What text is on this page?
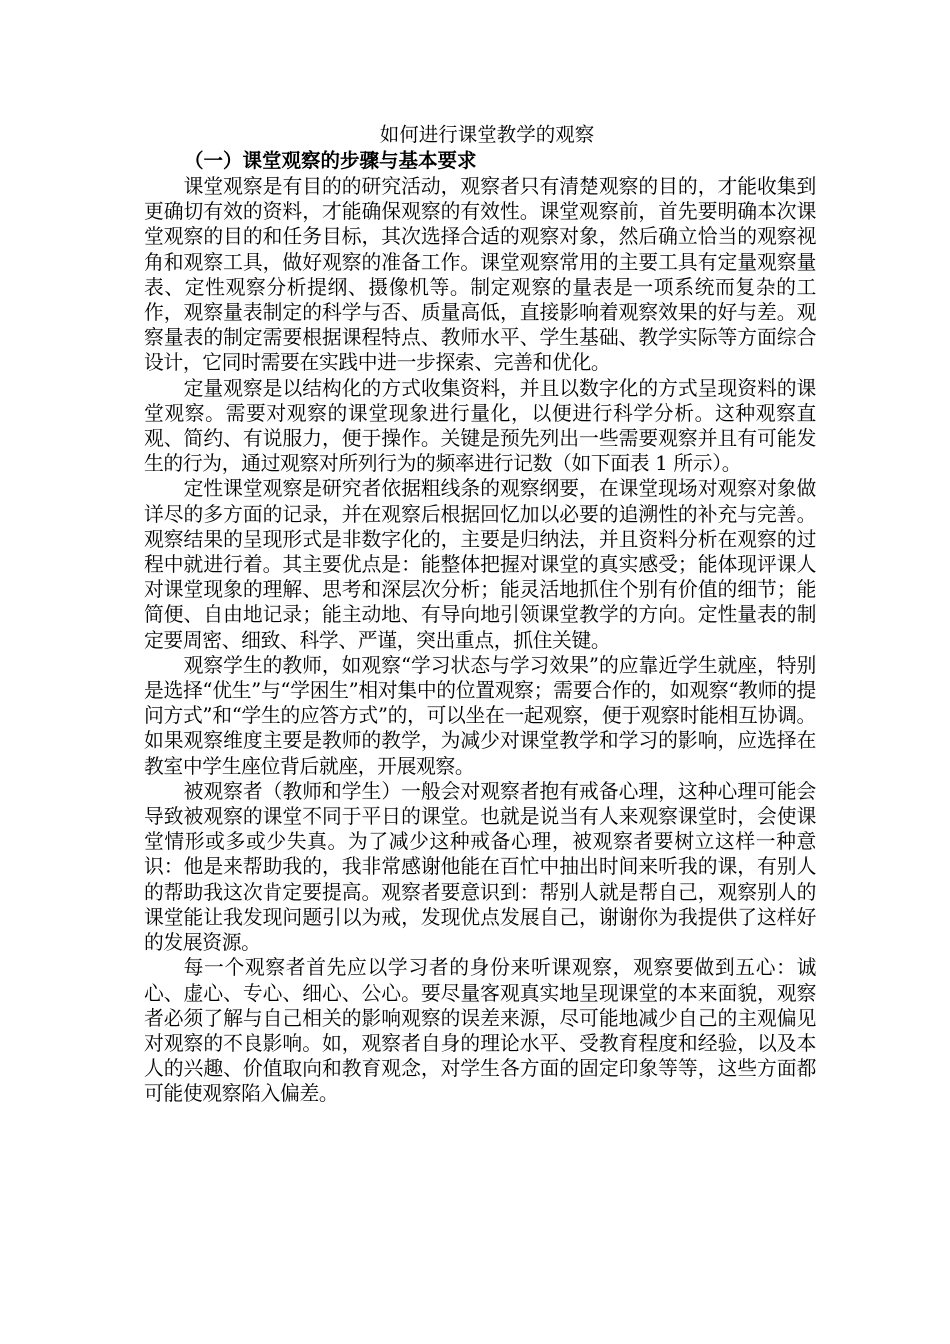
如何进行课堂教学的观察
（一）课堂观察的步骤与基本要求

课堂观察是有目的的研究活动，观察者只有清楚观察的目的，才能收集到更确切有效的资料，才能确保观察的有效性。课堂观察前，首先要明确本次课堂观察的目的和任务目标，其次选择合适的观察对象，然后确立恰当的观察视角和观察工具，做好观察的准备工作。课堂观察常用的主要工具有定量观察量表、定性观察分析提纲、摄像机等。制定观察的量表是一项系统而复杂的工作，观察量表制定的科学与否、质量高低，直接影响着观察效果的好与差。观察量表的制定需要根据课程特点、教师水平、学生基础、教学实际等方面综合设计，它同时需要在实践中进一步探索、完善和优化。

定量观察是以结构化的方式收集资料，并且以数字化的方式呈现资料的课堂观察。需要对观察的课堂现象进行量化，以便进行科学分析。这种观察直观、简约、有说服力，便于操作。关键是预先列出一些需要观察并且有可能发生的行为，通过观察对所列行为的频率进行记数（如下面表 1 所示）。

定性课堂观察是研究者依据粗线条的观察纲要，在课堂现场对观察对象做详尽的多方面的记录，并在观察后根据回忆加以必要的追溯性的补充与完善。观察结果的呈现形式是非数字化的，主要是归纳法，并且资料分析在观察的过程中就进行着。其主要优点是：能整体把握对课堂的真实感受；能体现评课人对课堂现象的理解、思考和深层次分析；能灵活地抓住个别有价值的细节；能简便、自由地记录；能主动地、有导向地引领课堂教学的方向。定性量表的制定要周密、细致、科学、严谨，突出重点，抓住关键。

观察学生的教师，如观察“学习状态与学习效果”的应靠近学生就座，特别是选择“优生”与“学困生”相对集中的位置观察；需要合作的，如观察“教师的提问方式”和“学生的应答方式”的，可以坐在一起观察，便于观察时能相互协调。如果观察维度主要是教师的教学，为减少对课堂教学和学习的影响，应选择在教室中学生座位背后就座，开展观察。

被观察者（教师和学生）一般会对观察者抱有戒备心理，这种心理可能会导致被观察的课堂不同于平日的课堂。也就是说当有人来观察课堂时，会使课堂情形或多或少失真。为了减少这种戒备心理，被观察者要树立这样一种意识：他是来帮助我的，我非常感谢他能在百忙中抽出时间来听我的课，有别人的帮助我这次肯定要提高。观察者要意识到：帮别人就是帮自己，观察别人的课堂能让我发现问题引以为戒，发现优点发展自己，谢谢你为我提供了这样好的发展资源。

每一个观察者首先应以学习者的身份来听课观察，观察要做到五心：诚心、虚心、专心、细心、公心。要尽量客观真实地呈现课堂的本来面貌，观察者必须了解与自己相关的影响观察的误差来源，尽可能地减少自己的主观偏见对观察的不良影响。如，观察者自身的理论水平、受教育程度和经验，以及本人的兴趣、价值取向和教育观念，对学生各方面的固定印象等等，这些方面都可能使观察陷入偏差。
